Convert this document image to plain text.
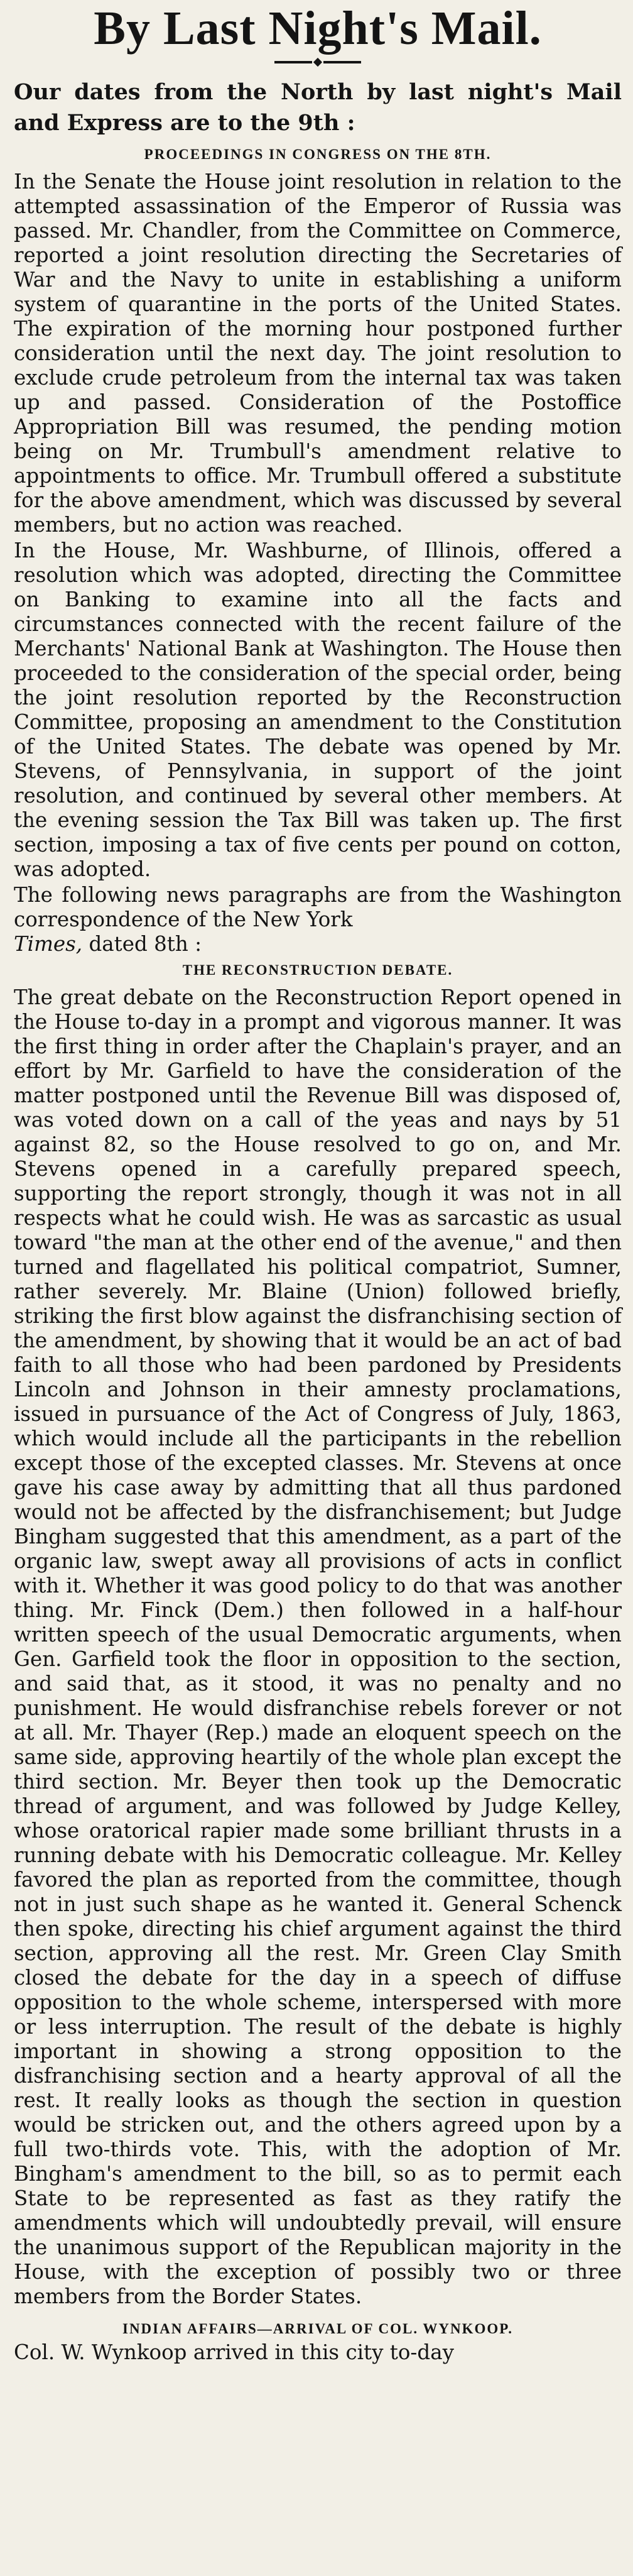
By Last Night's Mail.

Our dates from the North by last night's Mail and Express are to the 9th :

PROCEEDINGS IN CONGRESS ON THE 8TH.

In the Senate the House joint resolution in relation to the attempted assassination of the Emperor of Russia was passed. Mr. Chandler, from the Committee on Commerce, reported a joint resolution directing the Secretaries of War and the Navy to unite in establishing a uniform system of quarantine in the ports of the United States. The expiration of the morning hour postponed further consideration until the next day. The joint resolution to exclude crude petroleum from the internal tax was taken up and passed. Consideration of the Postoffice Appropriation Bill was resumed, the pending motion being on Mr. Trumbull's amendment relative to appointments to office. Mr. Trumbull offered a substitute for the above amendment, which was discussed by several members, but no action was reached.

In the House, Mr. Washburne, of Illinois, offered a resolution which was adopted, directing the Committee on Banking to examine into all the facts and circumstances connected with the recent failure of the Merchants' National Bank at Washington. The House then proceeded to the consideration of the special order, being the joint resolution reported by the Reconstruction Committee, proposing an amendment to the Constitution of the United States. The debate was opened by Mr. Stevens, of Pennsylvania, in support of the joint resolution, and continued by several other members. At the evening session the Tax Bill was taken up. The first section, imposing a tax of five cents per pound on cotton, was adopted.

The following news paragraphs are from the Washington correspondence of the New York
Times, dated 8th :

THE RECONSTRUCTION DEBATE.

The great debate on the Reconstruction Report opened in the House to-day in a prompt and vigorous manner. It was the first thing in order after the Chaplain's prayer, and an effort by Mr. Garfield to have the consideration of the matter postponed until the Revenue Bill was disposed of, was voted down on a call of the yeas and nays by 51 against 82, so the House resolved to go on, and Mr. Stevens opened in a carefully prepared speech, supporting the report strongly, though it was not in all respects what he could wish. He was as sarcastic as usual toward "the man at the other end of the avenue," and then turned and flagellated his political compatriot, Sumner, rather severely. Mr. Blaine (Union) followed briefly, striking the first blow against the disfranchising section of the amendment, by showing that it would be an act of bad faith to all those who had been pardoned by Presidents Lincoln and Johnson in their amnesty proclamations, issued in pursuance of the Act of Congress of July, 1863, which would include all the participants in the rebellion except those of the excepted classes. Mr. Stevens at once gave his case away by admitting that all thus pardoned would not be affected by the disfranchisement; but Judge Bingham suggested that this amendment, as a part of the organic law, swept away all provisions of acts in conflict with it. Whether it was good policy to do that was another thing. Mr. Finck (Dem.) then followed in a half-hour written speech of the usual Democratic arguments, when Gen. Garfield took the floor in opposition to the section, and said that, as it stood, it was no penalty and no punishment. He would disfranchise rebels forever or not at all. Mr. Thayer (Rep.) made an eloquent speech on the same side, approving heartily of the whole plan except the third section. Mr. Beyer then took up the Democratic thread of argument, and was followed by Judge Kelley, whose oratorical rapier made some brilliant thrusts in a running debate with his Democratic colleague. Mr. Kelley favored the plan as reported from the committee, though not in just such shape as he wanted it. General Schenck then spoke, directing his chief argument against the third section, approving all the rest. Mr. Green Clay Smith closed the debate for the day in a speech of diffuse opposition to the whole scheme, interspersed with more or less interruption. The result of the debate is highly important in showing a strong opposition to the disfranchising section and a hearty approval of all the rest. It really looks as though the section in question would be stricken out, and the others agreed upon by a full two-thirds vote. This, with the adoption of Mr. Bingham's amendment to the bill, so as to permit each State to be represented as fast as they ratify the amendments which will undoubtedly prevail, will ensure the unanimous support of the Republican majority in the House, with the exception of possibly two or three members from the Border States.

INDIAN AFFAIRS—ARRIVAL OF COL. WYNKOOP.

Col. W. Wynkoop arrived in this city to-day
